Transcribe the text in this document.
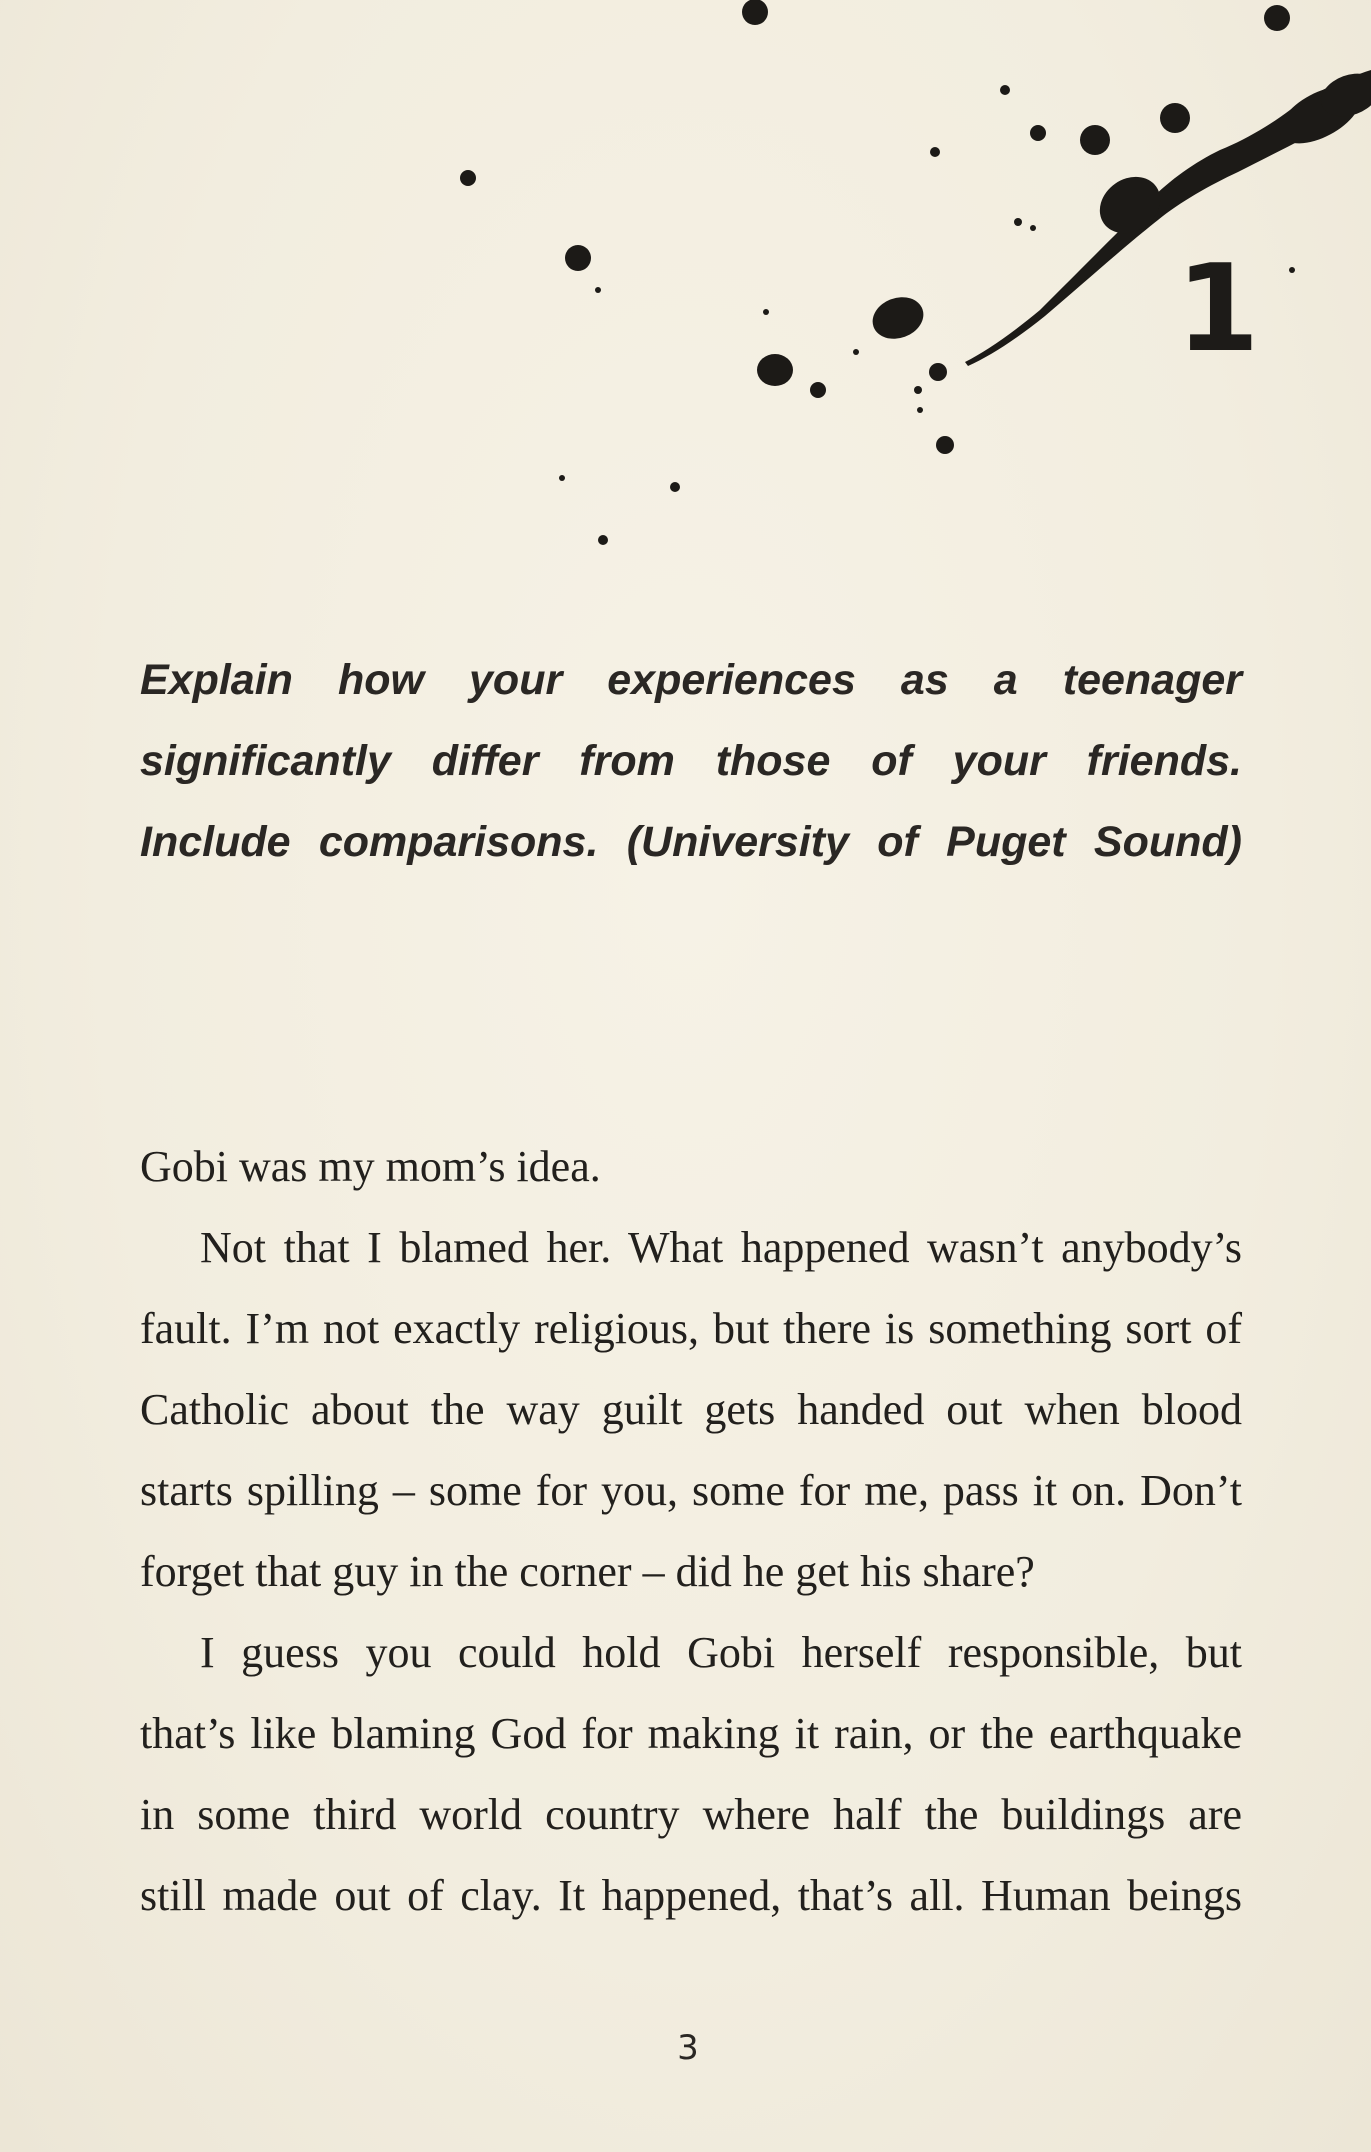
1
Explain how your experiences as a teenager
significantly differ from those of your friends.
Include comparisons. (University of Puget Sound)
Gobi was my mom’s idea.
Not that I blamed her. What happened wasn’t anybody’s
fault. I’m not exactly religious, but there is something sort of
Catholic about the way guilt gets handed out when blood
starts spilling – some for you, some for me, pass it on. Don’t
forget that guy in the corner – did he get his share?
I guess you could hold Gobi herself responsible, but
that’s like blaming God for making it rain, or the earthquake
in some third world country where half the buildings are
still made out of clay. It happened, that’s all. Human beings
3
